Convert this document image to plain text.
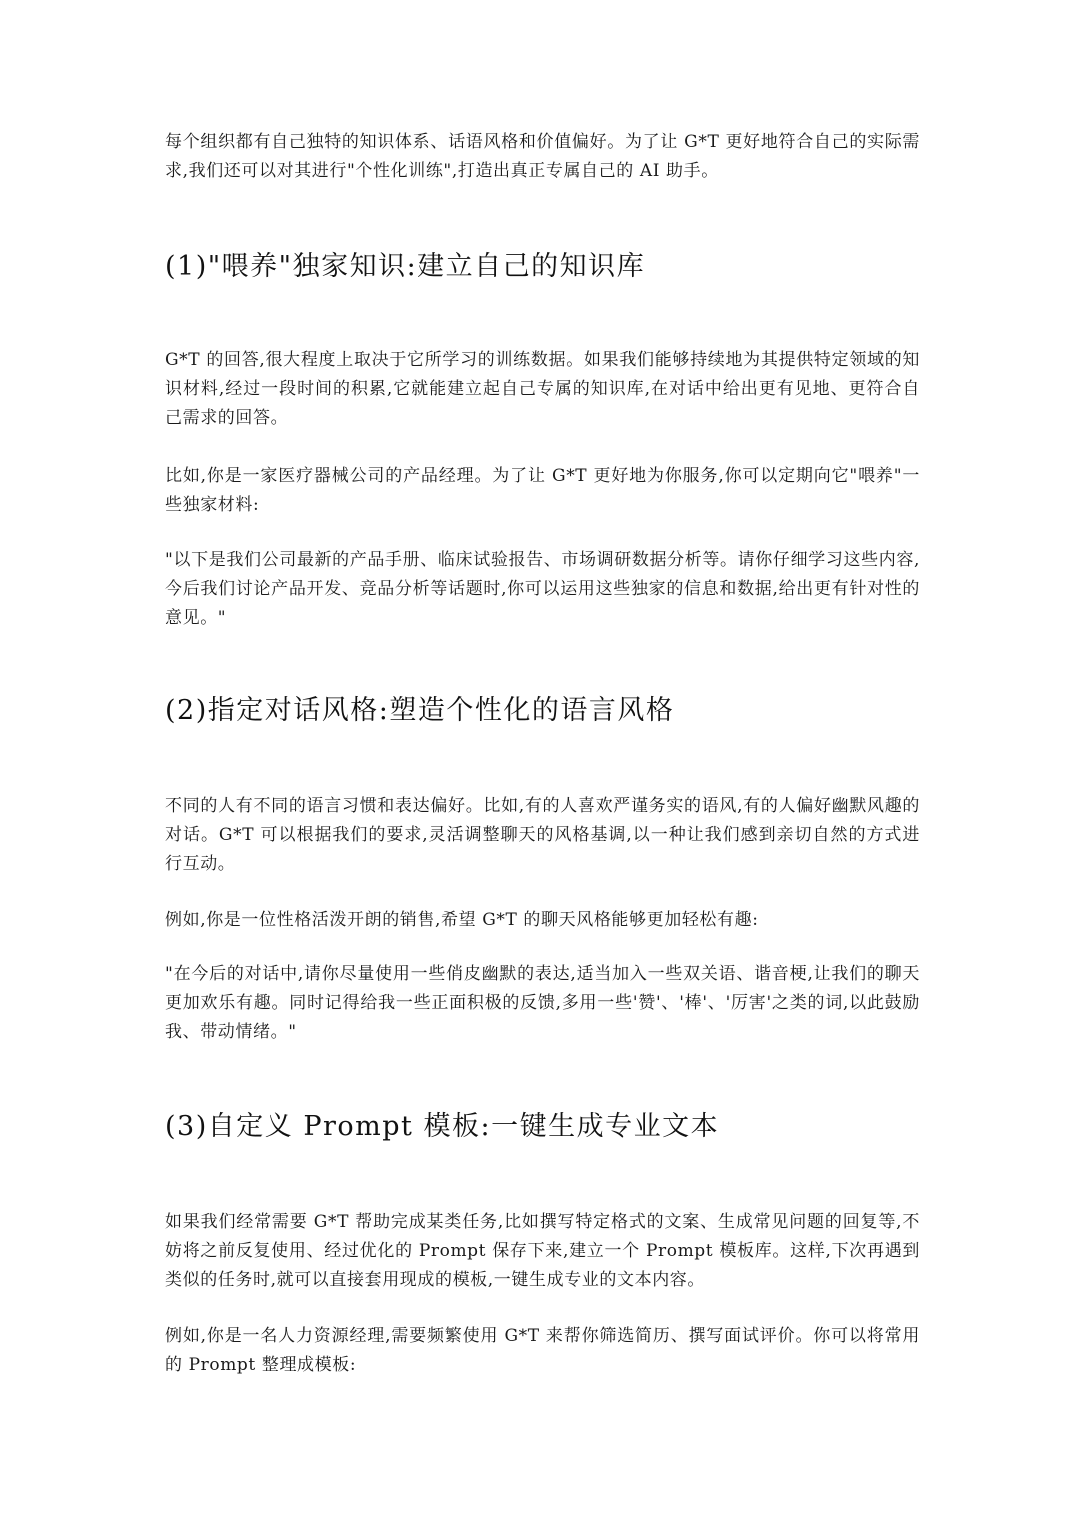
每个组织都有自己独特的知识体系、话语风格和价值偏好。为了让 G*T 更好地符合自己的实际需求,我们还可以对其进行"个性化训练",打造出真正专属自己的 AI 助手。

(1)"喂养"独家知识:建立自己的知识库

G*T 的回答,很大程度上取决于它所学习的训练数据。如果我们能够持续地为其提供特定领域的知识材料,经过一段时间的积累,它就能建立起自己专属的知识库,在对话中给出更有见地、更符合自己需求的回答。

比如,你是一家医疗器械公司的产品经理。为了让 G*T 更好地为你服务,你可以定期向它"喂养"一些独家材料:

"以下是我们公司最新的产品手册、临床试验报告、市场调研数据分析等。请你仔细学习这些内容,今后我们讨论产品开发、竞品分析等话题时,你可以运用这些独家的信息和数据,给出更有针对性的意见。"

(2)指定对话风格:塑造个性化的语言风格

不同的人有不同的语言习惯和表达偏好。比如,有的人喜欢严谨务实的语风,有的人偏好幽默风趣的对话。G*T 可以根据我们的要求,灵活调整聊天的风格基调,以一种让我们感到亲切自然的方式进行互动。

例如,你是一位性格活泼开朗的销售,希望 G*T 的聊天风格能够更加轻松有趣:

"在今后的对话中,请你尽量使用一些俏皮幽默的表达,适当加入一些双关语、谐音梗,让我们的聊天更加欢乐有趣。同时记得给我一些正面积极的反馈,多用一些'赞'、'棒'、'厉害'之类的词,以此鼓励我、带动情绪。"

(3)自定义 Prompt 模板:一键生成专业文本

如果我们经常需要 G*T 帮助完成某类任务,比如撰写特定格式的文案、生成常见问题的回复等,不妨将之前反复使用、经过优化的 Prompt 保存下来,建立一个 Prompt 模板库。这样,下次再遇到类似的任务时,就可以直接套用现成的模板,一键生成专业的文本内容。

例如,你是一名人力资源经理,需要频繁使用 G*T 来帮你筛选简历、撰写面试评价。你可以将常用的 Prompt 整理成模板:
